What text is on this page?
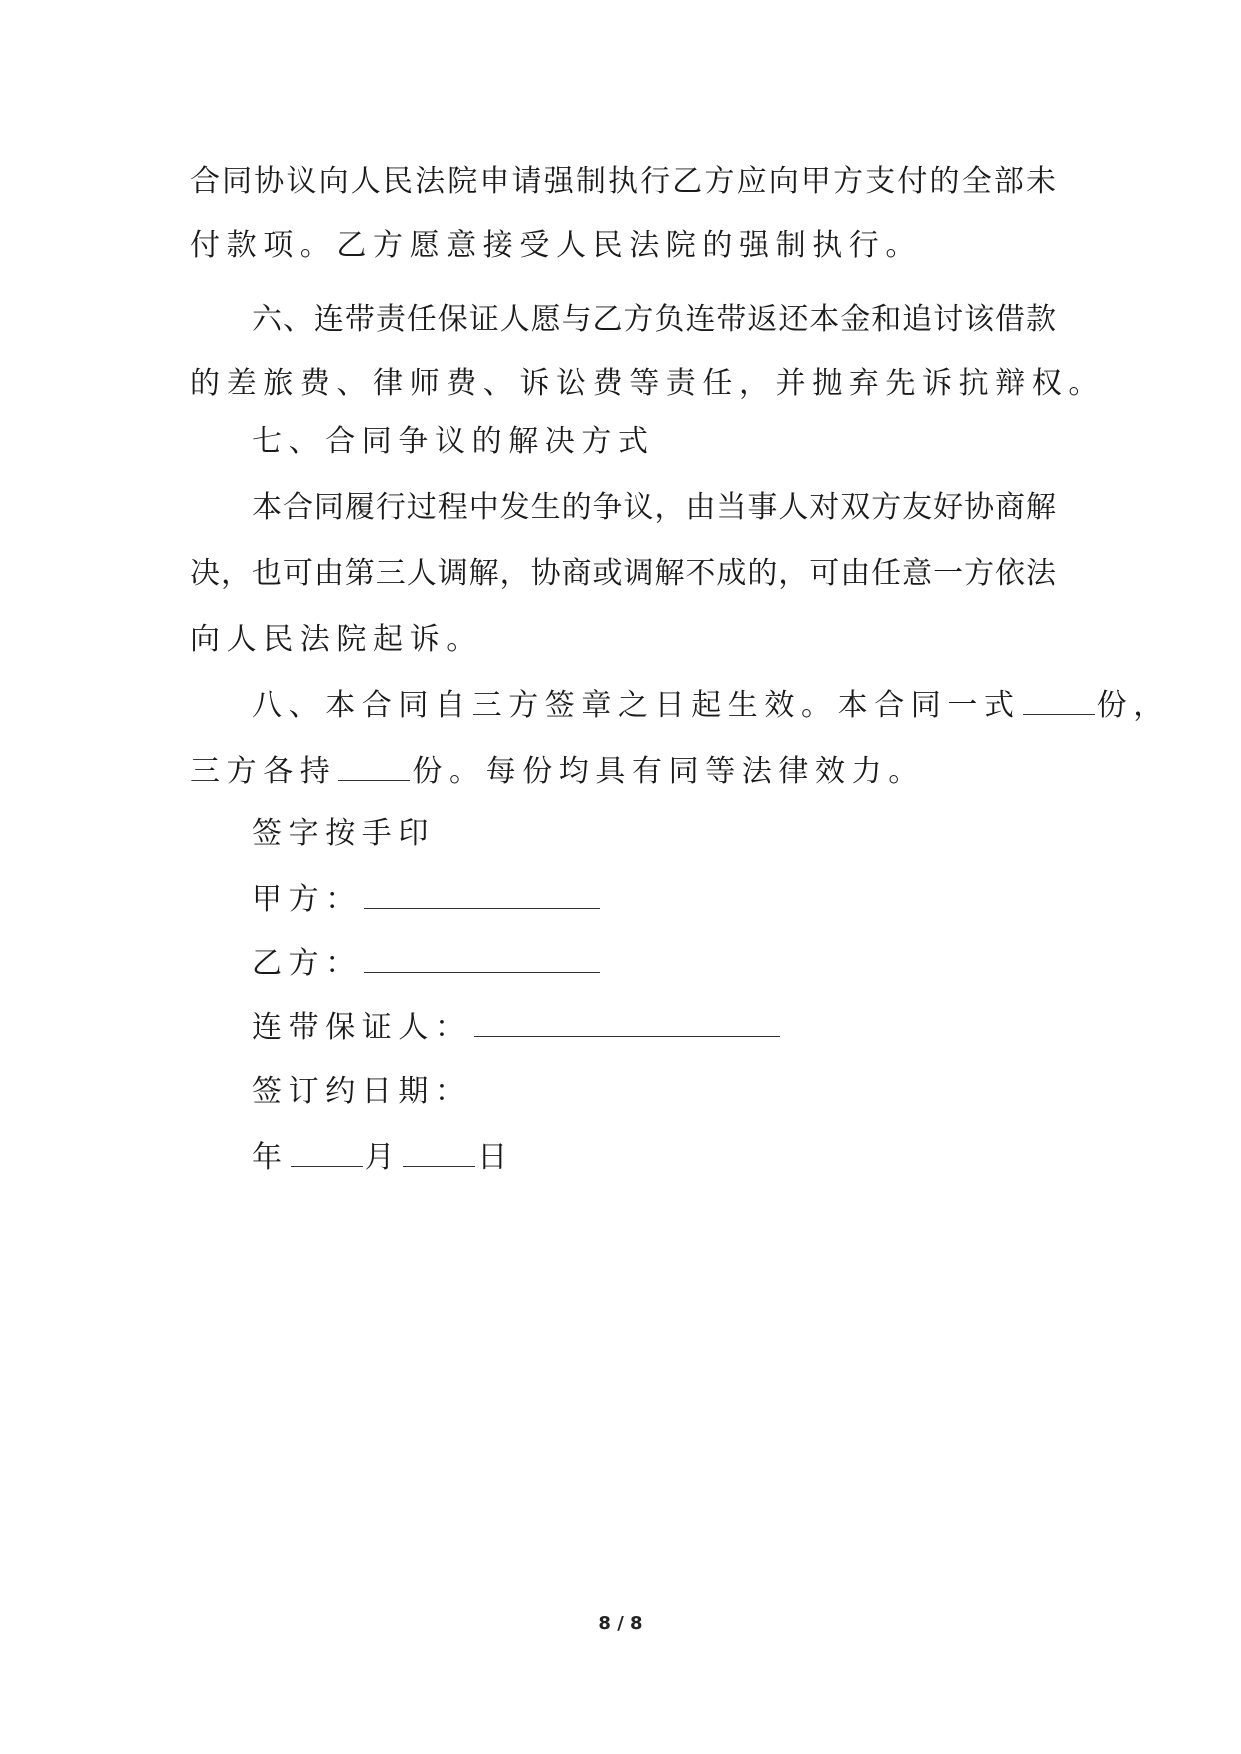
合同协议向人民法院申请强制执行乙方应向甲方支付的全部未
付款项。乙方愿意接受人民法院的强制执行。
六、连带责任保证人愿与乙方负连带返还本金和追讨该借款
的差旅费、律师费、诉讼费等责任，并抛弃先诉抗辩权。
七、合同争议的解决方式
本合同履行过程中发生的争议，由当事人对双方友好协商解
决，也可由第三人调解，协商或调解不成的，可由任意一方依法
向人民法院起诉。
八、本合同自三方签章之日起生效。本合同一式	份，
三方各持	份。每份均具有同等法律效力。
签字按手印
甲方：
乙方：
连带保证人：
签订约日期：
年	月	日
8 / 8
